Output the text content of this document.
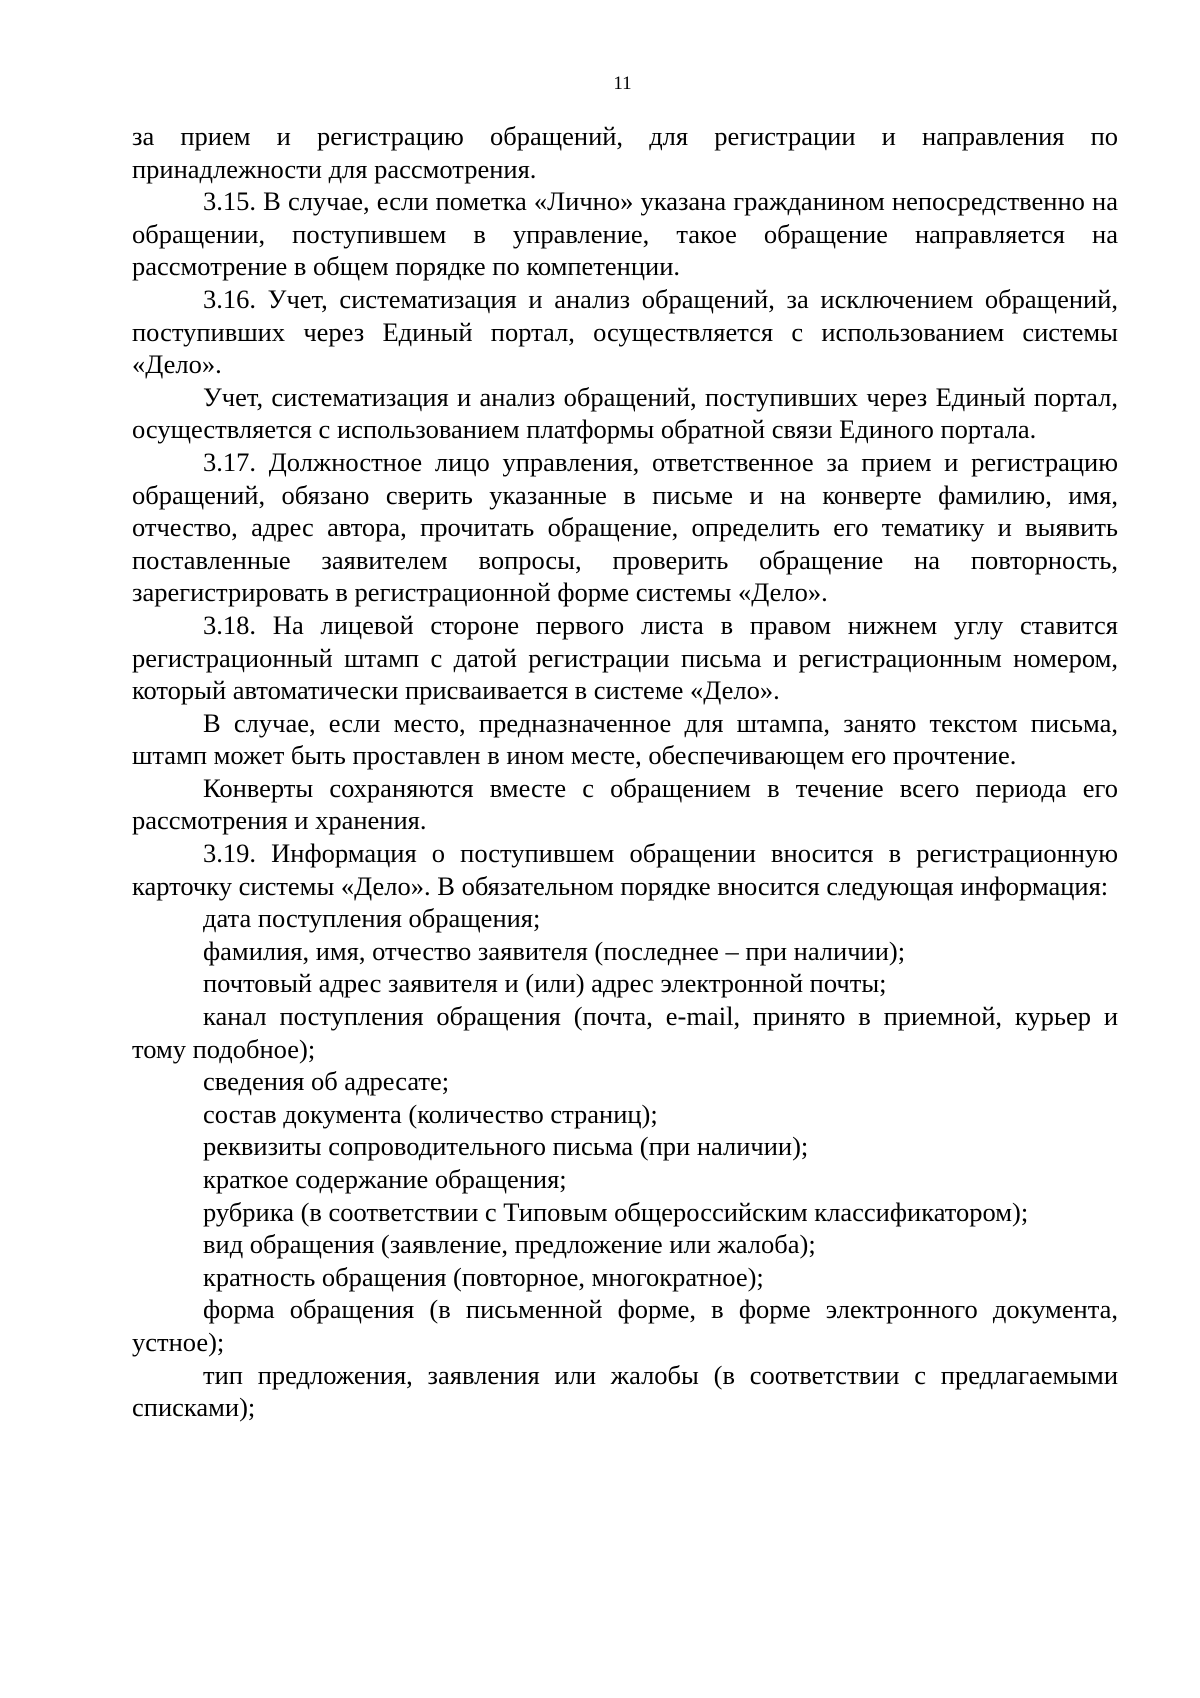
11

за прием и регистрацию обращений, для регистрации и направления по принадлежности для рассмотрения.

3.15. В случае, если пометка «Лично» указана гражданином непосредственно на обращении, поступившем в управление, такое обращение направляется на рассмотрение в общем порядке по компетенции.

3.16. Учет, систематизация и анализ обращений, за исключением обращений, поступивших через Единый портал, осуществляется с использованием системы «Дело».

Учет, систематизация и анализ обращений, поступивших через Единый портал, осуществляется с использованием платформы обратной связи Единого портала.

3.17. Должностное лицо управления, ответственное за прием и регистрацию обращений, обязано сверить указанные в письме и на конверте фамилию, имя, отчество, адрес автора, прочитать обращение, определить его тематику и выявить поставленные заявителем вопросы, проверить обращение на повторность, зарегистрировать в регистрационной форме системы «Дело».

3.18. На лицевой стороне первого листа в правом нижнем углу ставится регистрационный штамп с датой регистрации письма и регистрационным номером, который автоматически присваивается в системе «Дело».

В случае, если место, предназначенное для штампа, занято текстом письма, штамп может быть проставлен в ином месте, обеспечивающем его прочтение.

Конверты сохраняются вместе с обращением в течение всего периода его рассмотрения и хранения.

3.19. Информация о поступившем обращении вносится в регистрационную карточку системы «Дело». В обязательном порядке вносится следующая информация:

дата поступления обращения;

фамилия, имя, отчество заявителя (последнее – при наличии);

почтовый адрес заявителя и (или) адрес электронной почты;

канал поступления обращения (почта, e-mail, принято в приемной, курьер и тому подобное);

сведения об адресате;

состав документа (количество страниц);

реквизиты сопроводительного письма (при наличии);

краткое содержание обращения;

рубрика (в соответствии с Типовым общероссийским классификатором);

вид обращения (заявление, предложение или жалоба);

кратность обращения (повторное, многократное);

форма обращения (в письменной форме, в форме электронного документа, устное);

тип предложения, заявления или жалобы (в соответствии с предлагаемыми списками);
